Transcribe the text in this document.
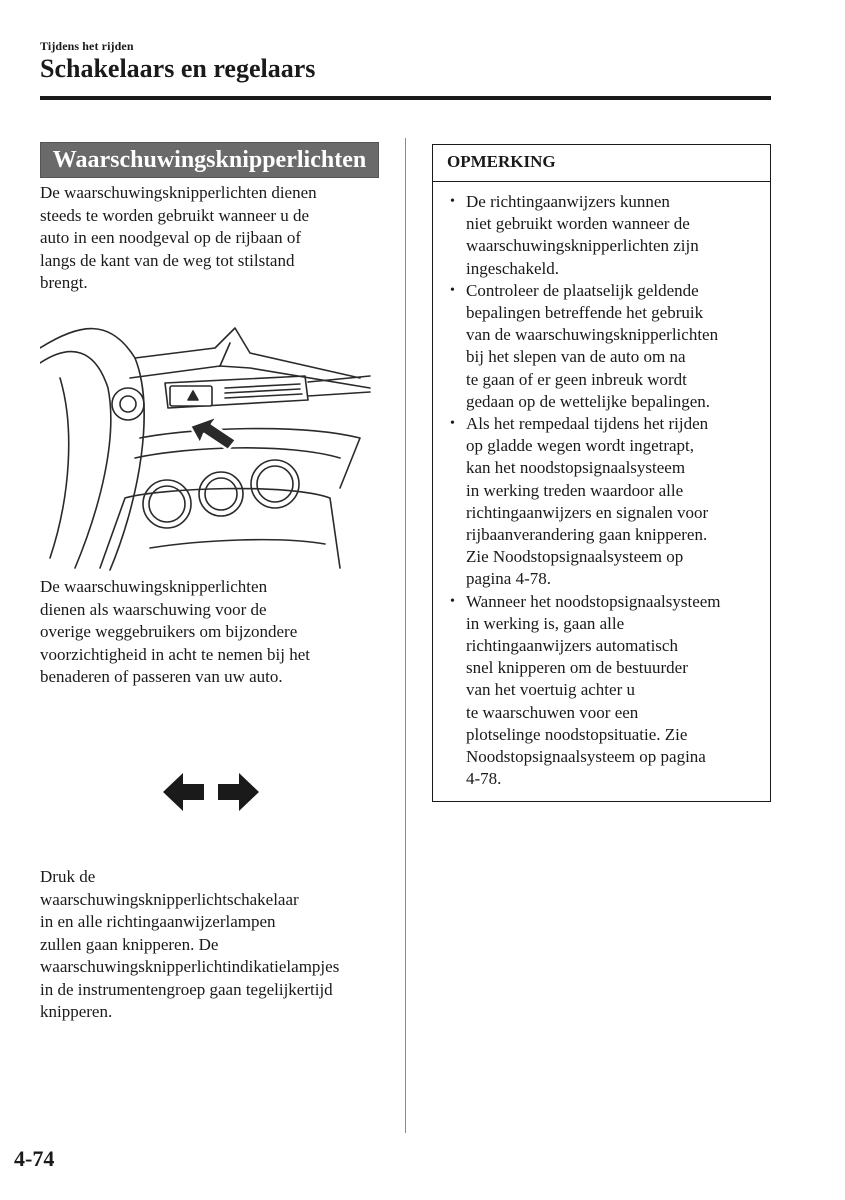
Tijdens het rijden
Schakelaars en regelaars
Waarschuwingsknipperlichten

De waarschuwingsknipperlichten dienen
steeds te worden gebruikt wanneer u de
auto in een noodgeval op de rijbaan of
langs de kant van de weg tot stilstand
brengt.

De waarschuwingsknipperlichten
dienen als waarschuwing voor de
overige weggebruikers om bijzondere
voorzichtigheid in acht te nemen bij het
benaderen of passeren van uw auto.

Druk de
waarschuwingsknipperlichtschakelaar
in en alle richtingaanwijzerlampen
zullen gaan knipperen. De
waarschuwingsknipperlichtindikatielampjes
in de instrumentengroep gaan tegelijkertijd
knipperen.

OPMERKING
• De richtingaanwijzers kunnen
niet gebruikt worden wanneer de
waarschuwingsknipperlichten zijn
ingeschakeld.
• Controleer de plaatselijk geldende
bepalingen betreffende het gebruik
van de waarschuwingsknipperlichten
bij het slepen van de auto om na
te gaan of er geen inbreuk wordt
gedaan op de wettelijke bepalingen.
• Als het rempedaal tijdens het rijden
op gladde wegen wordt ingetrapt,
kan het noodstopsignaalsysteem
in werking treden waardoor alle
richtingaanwijzers en signalen voor
rijbaanverandering gaan knipperen.
Zie Noodstopsignaalsysteem op
pagina 4-78.
• Wanneer het noodstopsignaalsysteem
in werking is, gaan alle
richtingaanwijzers automatisch
snel knipperen om de bestuurder
van het voertuig achter u
te waarschuwen voor een
plotselinge noodstopsituatie. Zie
Noodstopsignaalsysteem op pagina
4-78.
4-74
